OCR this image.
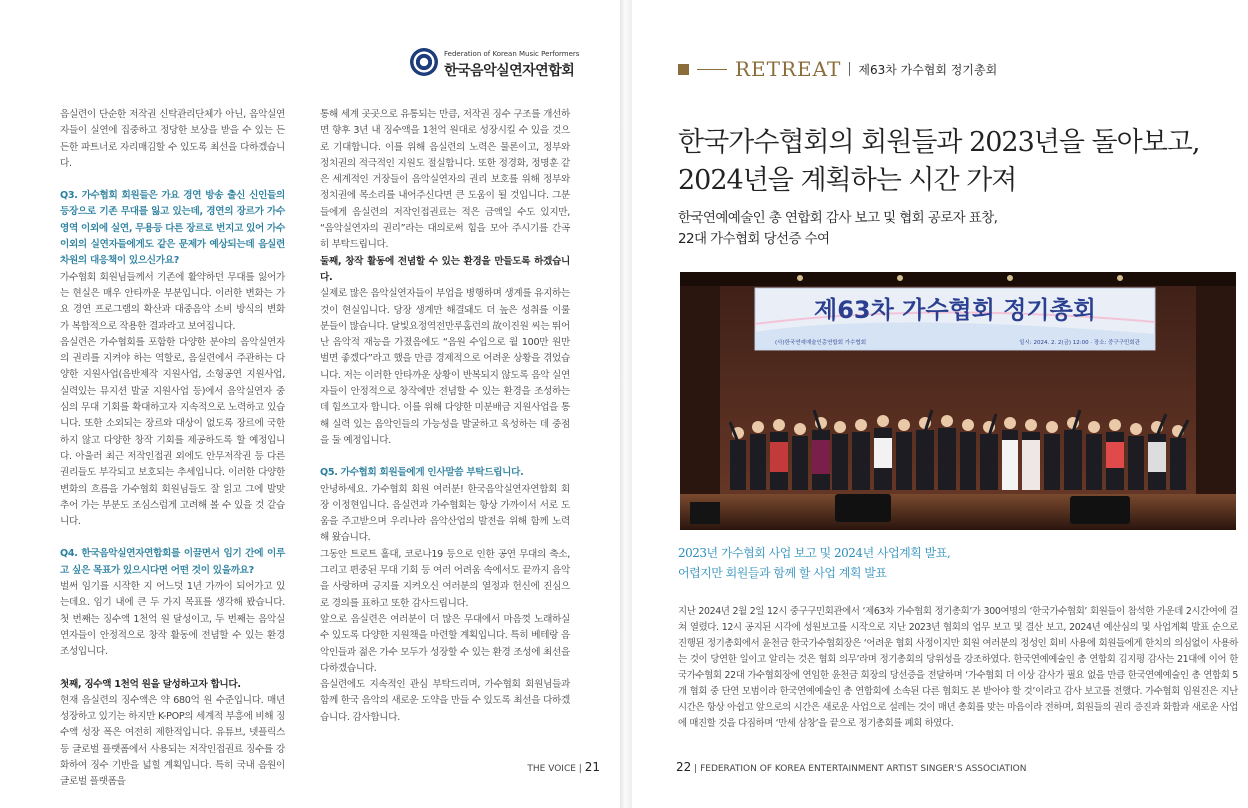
Federation of Korean Music Performers
한국음악실연자연합회

음실련이 단순한 저작권 신탁관리단체가 아닌, 음악실연자들이 실연에 집중하고 정당한 보상을 받을 수 있는 든든한 파트너로 자리매김할 수 있도록 최선을 다하겠습니다.

Q3. 가수협회 회원들은 가요 경연 방송 출신 신인들의 등장으로 기존 무대를 잃고 있는데, 경연의 장르가 가수 영역 이외에 실연, 무용등 다른 장르로 번지고 있어 가수 이외의 실연자들에게도 같은 문제가 예상되는데 음실련 차원의 대응책이 있으신가요?

가수협회 회원님들께서 기존에 활약하던 무대를 잃어가는 현실은 매우 안타까운 부분입니다. 이러한 변화는 가요 경연 프로그램의 확산과 대중음악 소비 방식의 변화가 복합적으로 작용한 결과라고 보여집니다.

음실련은 가수협회를 포함한 다양한 분야의 음악실연자의 권리를 지켜야 하는 역할로, 음실련에서 주관하는 다양한 지원사업(음반제작 지원사업, 소형공연 지원사업, 실력있는 뮤지션 발굴 지원사업 등)에서 음악실연자 중심의 무대 기회를 확대하고자 지속적으로 노력하고 있습니다. 또한 소외되는 장르와 대상이 없도록 장르에 국한하지 않고 다양한 창작 기회를 제공하도록 할 예정입니다. 아울러 최근 저작인접권 외에도 안무저작권 등 다른 권리들도 부각되고 보호되는 추세입니다. 이러한 다양한 변화의 흐름을 가수협회 회원님들도 잘 읽고 그에 발맞추어 가는 부분도 조심스럽게 고려해 볼 수 있을 것 같습니다.

Q4. 한국음악실연자연합회를 이끌면서 임기 간에 이루고 싶은 목표가 있으시다면 어떤 것이 있을까요?

벌써 임기를 시작한 지 어느덧 1년 가까이 되어가고 있는데요. 임기 내에 큰 두 가지 목표를 생각해 봤습니다. 첫 번째는 징수액 1천억 원 달성이고, 두 번째는 음악실연자들이 안정적으로 창작 활동에 전념할 수 있는 환경 조성입니다.

첫째, 징수액 1천억 원을 달성하고자 합니다.

현재 음실련의 징수액은 약 680억 원 수준입니다. 매년 성장하고 있기는 하지만 K-POP의 세계적 부흥에 비해 징수액 성장 폭은 여전히 제한적입니다. 유튜브, 넷플릭스 등 글로벌 플랫폼에서 사용되는 저작인접권료 징수를 강화하여 징수 기반을 넓힐 계획입니다. 특히 국내 음원이 글로벌 플랫폼을

통해 세계 곳곳으로 유통되는 만큼, 저작권 징수 구조를 개선하면 향후 3년 내 징수액을 1천억 원대로 성장시킬 수 있을 것으로 기대합니다. 이를 위해 음실련의 노력은 물론이고, 정부와 정치권의 적극적인 지원도 절실합니다. 또한 정경화, 정명훈 같은 세계적인 거장들이 음악실연자의 권리 보호를 위해 정부와 정치권에 목소리를 내어주신다면 큰 도움이 될 것입니다. 그분들에게 음실련의 저작인접권료는 적은 금액일 수도 있지만, “음악실연자의 권리”라는 대의로써 힘을 모아 주시기를 간곡히 부탁드립니다.

둘째, 창작 활동에 전념할 수 있는 환경을 만들도록 하겠습니다.

실제로 많은 음악실연자들이 부업을 병행하며 생계를 유지하는 것이 현실입니다. 당장 생계만 해결돼도 더 높은 성취를 이룰 분들이 많습니다. 달빛요정역전만루홈런의 故이진원 씨는 뛰어난 음악적 재능을 가졌음에도 “음원 수입으로 월 100만 원만 벌면 좋겠다”라고 했을 만큼 경제적으로 어려운 상황을 겪었습니다. 저는 이러한 안타까운 상황이 반복되지 않도록 음악 실연자들이 안정적으로 창작에만 전념할 수 있는 환경을 조성하는 데 힘쓰고자 합니다. 이를 위해 다양한 미분배금 지원사업을 통해 실력 있는 음악인들의 가능성을 발굴하고 육성하는 데 중점을 둘 예정입니다.

Q5. 가수협회 회원들에게 인사말씀 부탁드립니다.

안녕하세요. 가수협회 회원 여러분! 한국음악실연자연합회 회장 이정현입니다. 음실련과 가수협회는 항상 가까이서 서로 도움을 주고받으며 우리나라 음악산업의 발전을 위해 함께 노력해 왔습니다.

그동안 트로트 홀대, 코로나19 등으로 인한 공연 무대의 축소, 그리고 편중된 무대 기회 등 여러 어려움 속에서도 끝까지 음악을 사랑하며 긍지를 지켜오신 여러분의 열정과 헌신에 진심으로 경의를 표하고 또한 감사드립니다.

앞으로 음실련은 여러분이 더 많은 무대에서 마음껏 노래하실 수 있도록 다양한 지원책을 마련할 계획입니다. 특히 베테랑 음악인들과 젊은 가수 모두가 성장할 수 있는 환경 조성에 최선을 다하겠습니다.

음실련에도 지속적인 관심 부탁드리며, 가수협회 회원님들과 함께 한국 음악의 새로운 도약을 만들 수 있도록 최선을 다하겠습니다. 감사합니다.

THE VOICE | 21
RETREAT 제63차 가수협회 정기총회
한국가수협회의 회원들과 2023년을 돌아보고,
2024년을 계획하는 시간 가져
한국연예예술인 총 연합회 감사 보고 및 협회 공로자 표창,
22대 가수협회 당선증 수여
제63차 가수협회 정기총회
(사)한국연예예술인총연합회 가수협회	일시: 2024. 2. 2(금) 12:00 · 장소: 중구구민회관
2023년 가수협회 사업 보고 및 2024년 사업계획 발표,
어렵지만 회원들과 함께 할 사업 계획 발표
지난 2024년 2월 2일 12시 중구구민회관에서 ‘제63차 가수협회 정기총회’가 300여명의 ‘한국가수협회’ 회원들이 참석한 가운데 2시간여에 걸쳐 열렸다. 12시 공지된 시각에 성원보고를 시작으로 지난 2023년 협회의 업무 보고 및 결산 보고, 2024년 예산심의 및 사업계획 발표 순으로 진행된 정기총회에서 윤천금 한국가수협회장은 ‘어려운 협회 사정이지만 회원 여러분의 정성인 회비 사용에 회원들에게 한치의 의심없이 사용하는 것이 당연한 일이고 알리는 것은 협회 의무’라며 정기총회의 당위성을 강조하였다. 한국연예예술인 총 연합회 김지평 감사는 21대에 이어 한국가수협회 22대 가수협회장에 연임한 윤천금 회장의 당선증을 전달하며 ‘가수협회 더 이상 감사가 필요 없을 만큼 한국연예예술인 총 연합회 5개 협회 중 단연 모범이라 한국연예예술인 총 연합회에 소속된 다른 협회도 본 받아야 할 것’이라고 감사 보고를 전했다. 가수협회 임원진은 지난 시간은 항상 아쉽고 앞으로의 시간은 새로운 사업으로 설레는 것이 매년 총회를 맞는 마음이라 전하며, 회원들의 권리 증진과 화합과 새로운 사업에 매진할 것을 다짐하며 ‘만세 삼창’을 끝으로 정기총회를 폐회 하였다.
22 | FEDERATION OF KOREA ENTERTAINMENT ARTIST SINGER'S ASSOCIATION
